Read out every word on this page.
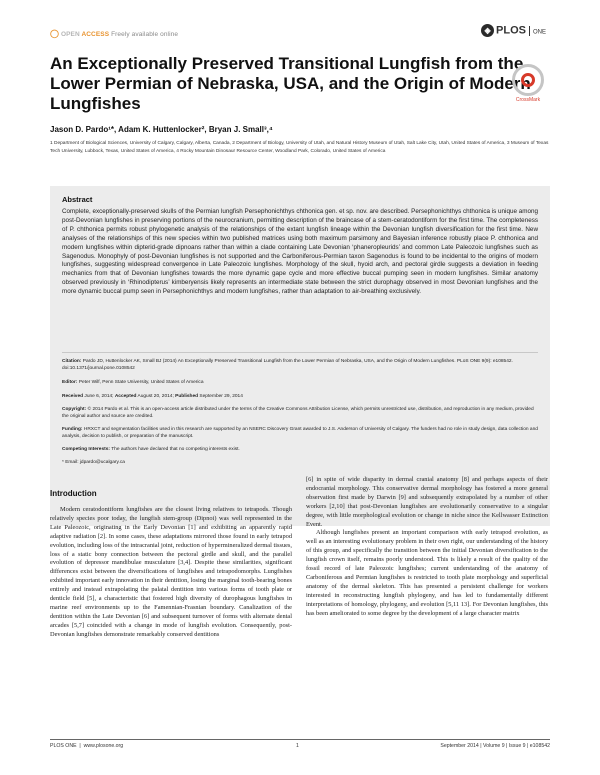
◯ OPEN ACCESS Freely available online	◈ PLOS ONE
An Exceptionally Preserved Transitional Lungfish from the Lower Permian of Nebraska, USA, and the Origin of Modern Lungfishes	CrossMark
Jason D. Pardo¹*, Adam K. Huttenlocker², Bryan J. Small³,⁴
1 Department of Biological Sciences, University of Calgary, Calgary, Alberta, Canada, 2 Department of Biology, University of Utah, and Natural History Museum of Utah, Salt Lake City, Utah, United States of America, 3 Museum of Texas Tech University, Lubbock, Texas, United States of America, 4 Rocky Mountain Dinosaur Resource Center, Woodland Park, Colorado, United States of America
Abstract
Complete, exceptionally-preserved skulls of the Permian lungfish Persephonichthys chthonica gen. et sp. nov. are described. Persephonichthys chthonica is unique among post-Devonian lungfishes in preserving portions of the neurocranium, permitting description of the braincase of a stem-ceratodontiform for the first time. The completeness of P. chthonica permits robust phylogenetic analysis of the relationships of the extant lungfish lineage within the Devonian lungfish diversification for the first time. New analyses of the relationships of this new species within two published matrices using both maximum parsimony and Bayesian inference robustly place P. chthonica and modern lungfishes within dipterid-grade dipnoans rather than within a clade containing Late Devonian ‘phaneropleurids’ and common Late Paleozoic lungfishes such as Sagenodus. Monophyly of post-Devonian lungfishes is not supported and the Carboniferous-Permian taxon Sagenodus is found to be incidental to the origins of modern lungfishes, suggesting widespread convergence in Late Paleozoic lungfishes. Morphology of the skull, hyoid arch, and pectoral girdle suggests a deviation in feeding mechanics from that of Devonian lungfishes towards the more dynamic gape cycle and more effective buccal pumping seen in modern lungfishes. Similar anatomy observed previously in ‘Rhinodipterus’ kimberyensis likely represents an intermediate state between the strict durophagy observed in most Devonian lungfishes and the more dynamic buccal pump seen in Persephonichthys and modern lungfishes, rather than adaptation to air-breathing exclusively.
Citation: Pardo JD, Huttenlocker AK, Small BJ (2014) An Exceptionally Preserved Transitional Lungfish from the Lower Permian of Nebraska, USA, and the Origin of Modern Lungfishes. PLoS ONE 9(9): e108542. doi:10.1371/journal.pone.0108542
Editor: Peter Wilf, Penn State University, United States of America
Received June 6, 2014; Accepted August 20, 2014; Published September 29, 2014
Copyright: © 2014 Pardo et al. This is an open-access article distributed under the terms of the Creative Commons Attribution License, which permits unrestricted use, distribution, and reproduction in any medium, provided the original author and source are credited.
Funding: HRXCT and segmentation facilities used in this research are supported by an NSERC Discovery Grant awarded to J.S. Anderson of University of Calgary. The funders had no role in study design, data collection and analysis, decision to publish, or preparation of the manuscript.
Competing Interests: The authors have declared that no competing interests exist.
* Email: jdpardo@ucalgary.ca
Introduction

Modern ceratodontiform lungfishes are the closest living relatives to tetrapods. Though relatively species poor today, the lungfish stem-group (Dipnoi) was well represented in the Late Paleozoic, originating in the Early Devonian [1] and exhibiting an apparently rapid adaptive radiation [2]. In some cases, these adaptations mirrored those found in early tetrapod evolution, including loss of the intracranial joint, reduction of hypermineralized dermal tissues, loss of a static bony connection between the pectoral girdle and skull, and the parallel evolution of depressor mandibulae musculature [3,4]. Despite these similarities, significant differences exist between the diversifications of lungfishes and tetrapodomorphs. Lungfishes exhibited important early innovation in their dentition, losing the marginal tooth-bearing bones entirely and instead extrapolating the palatal dentition into various forms of tooth plate or denticle field [5], a characteristic that fostered high diversity of durophagous lungfishes in marine reef environments up to the Famennian-Frasnian boundary. Canalization of the dentition within the Late Devonian [6] and subsequent turnover of forms with alternate dental arcades [5,7] coincided with a change in mode of lungfish evolution. Consequently, post-Devonian lungfishes demonstrate remarkably conserved dentitions

[6] in spite of wide disparity in dermal cranial anatomy [8] and perhaps aspects of their endocranial morphology. This conservative dermal morphology has fostered a more general observation first made by Darwin [9] and subsequently extrapolated by a number of other workers [2,10] that post-Devonian lungfishes are evolutionarily conservative to a singular degree, with little morphological evolution or change in niche since the Kellwasser Extinction Event.

Although lungfishes present an important comparison with early tetrapod evolution, as well as an interesting evolutionary problem in their own right, our understanding of the history of this group, and specifically the transition between the initial Devonian diversification to the lungfish crown itself, remains poorly understood. This is likely a result of the quality of the fossil record of late Paleozoic lungfishes; current understanding of the anatomy of Carboniferous and Permian lungfishes is restricted to tooth plate morphology and superficial anatomy of the dermal skeleton. This has presented a persistent challenge for workers interested in reconstructing lungfish phylogeny, and has led to fundamentally different interpretations of homology, phylogeny, and evolution [5,11 13]. For Devonian lungfishes, this has been ameliorated to some degree by the development of a large character matrix

PLOS ONE  |  www.plosone.org	1	September 2014 | Volume 9 | Issue 9 | e108542
